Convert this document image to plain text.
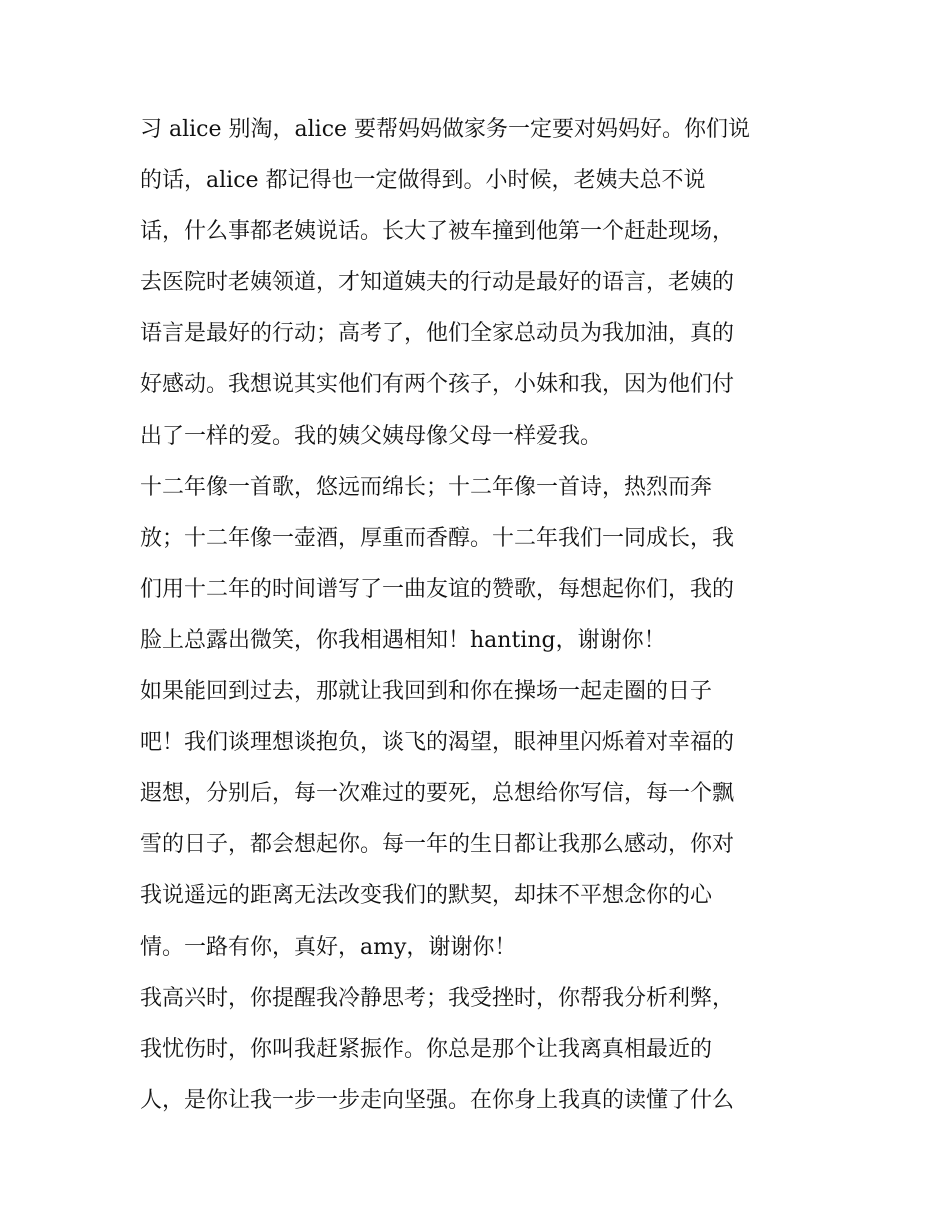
习 alice 别淘，alice 要帮妈妈做家务一定要对妈妈好。你们说
的话，alice 都记得也一定做得到。小时候，老姨夫总不说
话，什么事都老姨说话。长大了被车撞到他第一个赶赴现场，
去医院时老姨领道，才知道姨夫的行动是最好的语言，老姨的
语言是最好的行动；高考了，他们全家总动员为我加油，真的
好感动。我想说其实他们有两个孩子，小妹和我，因为他们付
出了一样的爱。我的姨父姨母像父母一样爱我。
十二年像一首歌，悠远而绵长；十二年像一首诗，热烈而奔
放；十二年像一壶酒，厚重而香醇。十二年我们一同成长，我
们用十二年的时间谱写了一曲友谊的赞歌，每想起你们，我的
脸上总露出微笑，你我相遇相知！hanting，谢谢你！
如果能回到过去，那就让我回到和你在操场一起走圈的日子
吧！我们谈理想谈抱负，谈飞的渴望，眼神里闪烁着对幸福的
遐想，分别后，每一次难过的要死，总想给你写信，每一个飘
雪的日子，都会想起你。每一年的生日都让我那么感动，你对
我说遥远的距离无法改变我们的默契，却抹不平想念你的心
情。一路有你，真好，amy，谢谢你！
我高兴时，你提醒我冷静思考；我受挫时，你帮我分析利弊，
我忧伤时，你叫我赶紧振作。你总是那个让我离真相最近的
人，是你让我一步一步走向坚强。在你身上我真的读懂了什么
